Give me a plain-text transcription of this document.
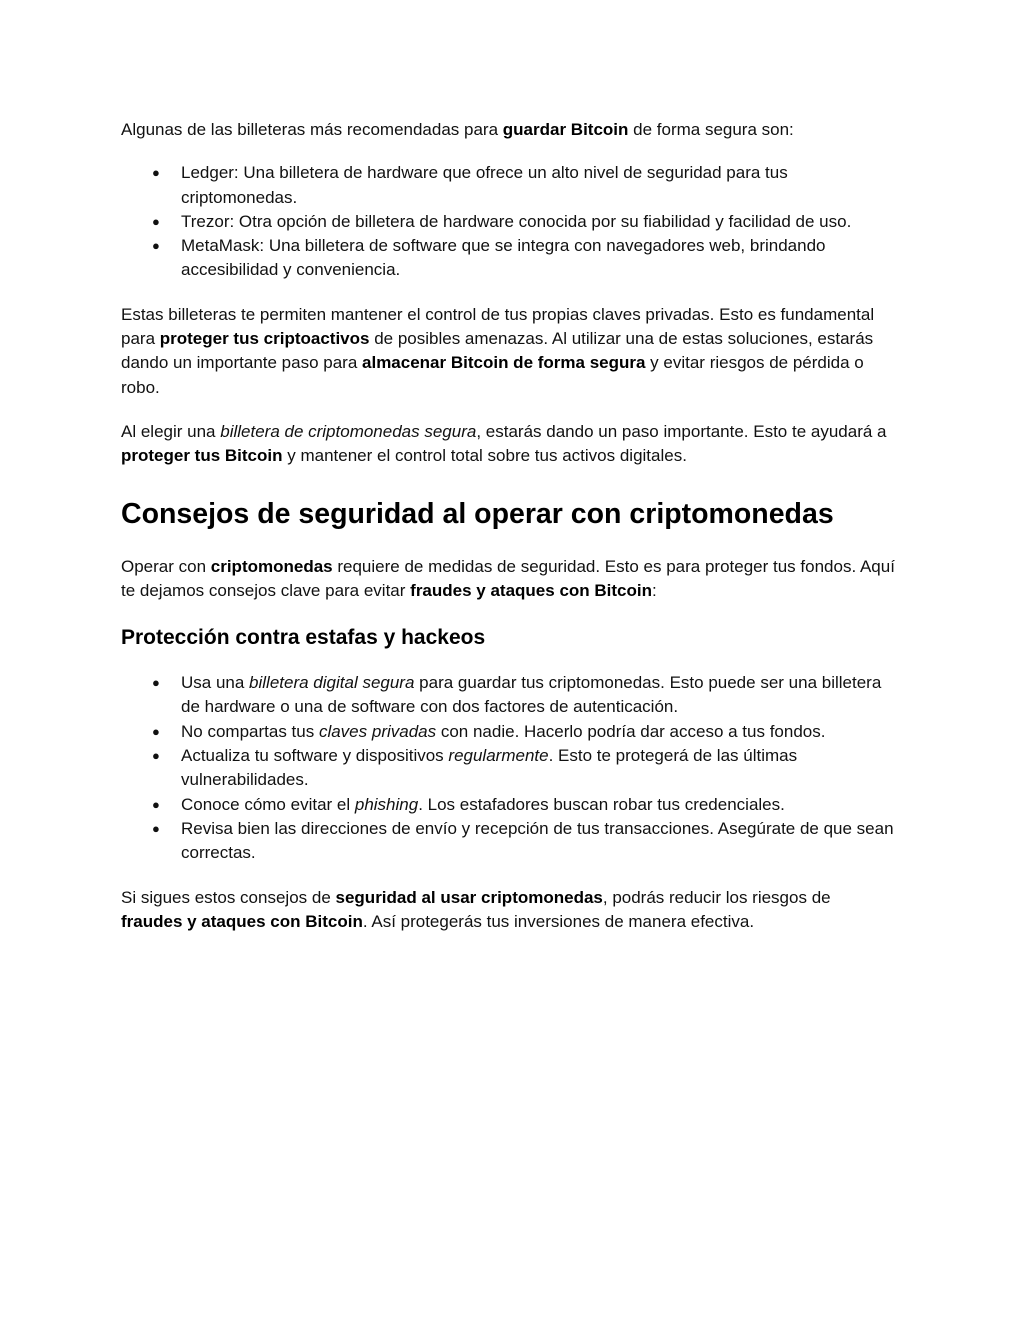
Algunas de las billeteras más recomendadas para guardar Bitcoin de forma segura son:

● Ledger: Una billetera de hardware que ofrece un alto nivel de seguridad para tus criptomonedas.
● Trezor: Otra opción de billetera de hardware conocida por su fiabilidad y facilidad de uso.
● MetaMask: Una billetera de software que se integra con navegadores web, brindando accesibilidad y conveniencia.

Estas billeteras te permiten mantener el control de tus propias claves privadas. Esto es fundamental para proteger tus criptoactivos de posibles amenazas. Al utilizar una de estas soluciones, estarás dando un importante paso para almacenar Bitcoin de forma segura y evitar riesgos de pérdida o robo.

Al elegir una billetera de criptomonedas segura, estarás dando un paso importante. Esto te ayudará a proteger tus Bitcoin y mantener el control total sobre tus activos digitales.

Consejos de seguridad al operar con criptomonedas

Operar con criptomonedas requiere de medidas de seguridad. Esto es para proteger tus fondos. Aquí te dejamos consejos clave para evitar fraudes y ataques con Bitcoin:

Protección contra estafas y hackeos
● Usa una billetera digital segura para guardar tus criptomonedas. Esto puede ser una billetera de hardware o una de software con dos factores de autenticación.
● No compartas tus claves privadas con nadie. Hacerlo podría dar acceso a tus fondos.
● Actualiza tu software y dispositivos regularmente. Esto te protegerá de las últimas vulnerabilidades.
● Conoce cómo evitar el phishing. Los estafadores buscan robar tus credenciales.
● Revisa bien las direcciones de envío y recepción de tus transacciones. Asegúrate de que sean correctas.

Si sigues estos consejos de seguridad al usar criptomonedas, podrás reducir los riesgos de fraudes y ataques con Bitcoin. Así protegerás tus inversiones de manera efectiva.
